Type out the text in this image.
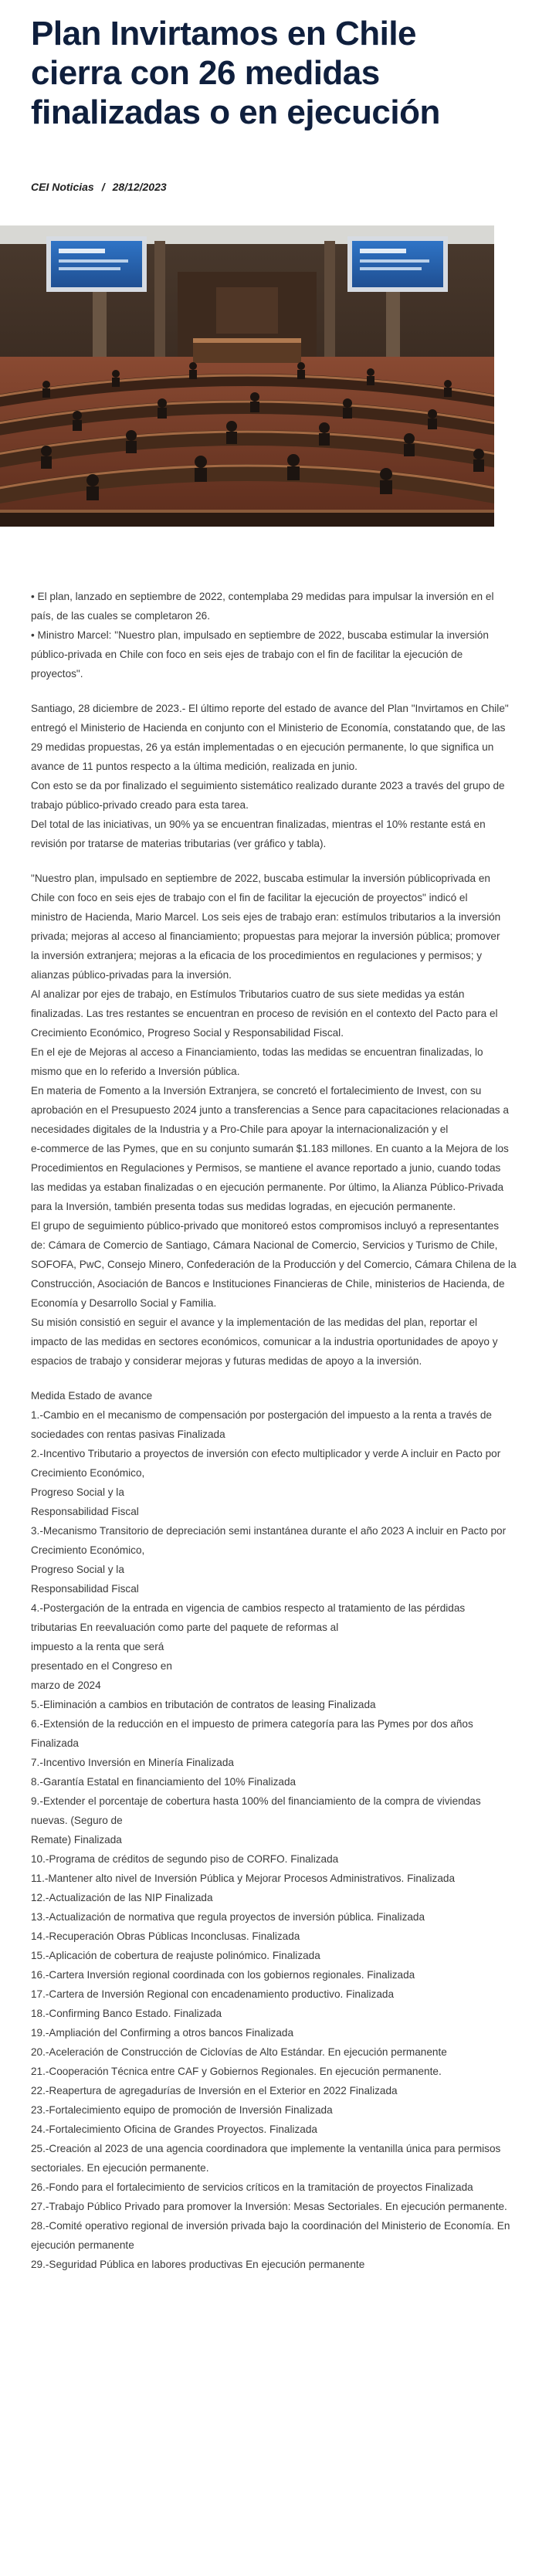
Plan Invirtamos en Chile
cierra con 26 medidas
finalizadas o en ejecución
CEI Noticias / 28/12/2023
• El plan, lanzado en septiembre de 2022, contemplaba 29 medidas para impulsar la inversión en el
país, de las cuales se completaron 26.
• Ministro Marcel: "Nuestro plan, impulsado en septiembre de 2022, buscaba estimular la inversión
público-privada en Chile con foco en seis ejes de trabajo con el fin de facilitar la ejecución de
proyectos".
Santiago, 28 diciembre de 2023.- El último reporte del estado de avance del Plan "Invirtamos en Chile"
entregó el Ministerio de Hacienda en conjunto con el Ministerio de Economía, constatando que, de las
29 medidas propuestas, 26 ya están implementadas o en ejecución permanente, lo que significa un
avance de 11 puntos respecto a la última medición, realizada en junio.
Con esto se da por finalizado el seguimiento sistemático realizado durante 2023 a través del grupo de
trabajo público-privado creado para esta tarea.
Del total de las iniciativas, un 90% ya se encuentran finalizadas, mientras el 10% restante está en
revisión por tratarse de materias tributarias (ver gráfico y tabla).
"Nuestro plan, impulsado en septiembre de 2022, buscaba estimular la inversión públicoprivada en
Chile con foco en seis ejes de trabajo con el fin de facilitar la ejecución de proyectos" indicó el
ministro de Hacienda, Mario Marcel. Los seis ejes de trabajo eran: estímulos tributarios a la inversión
privada; mejoras al acceso al financiamiento; propuestas para mejorar la inversión pública; promover
la inversión extranjera; mejoras a la eficacia de los procedimientos en regulaciones y permisos; y
alianzas público-privadas para la inversión.
Al analizar por ejes de trabajo, en Estímulos Tributarios cuatro de sus siete medidas ya están
finalizadas. Las tres restantes se encuentran en proceso de revisión en el contexto del Pacto para el
Crecimiento Económico, Progreso Social y Responsabilidad Fiscal.
En el eje de Mejoras al acceso a Financiamiento, todas las medidas se encuentran finalizadas, lo
mismo que en lo referido a Inversión pública.
En materia de Fomento a la Inversión Extranjera, se concretó el fortalecimiento de Invest, con su
aprobación en el Presupuesto 2024 junto a transferencias a Sence para capacitaciones relacionadas a
necesidades digitales de la Industria y a Pro-Chile para apoyar la internacionalización y el
e-commerce de las Pymes, que en su conjunto sumarán $1.183 millones. En cuanto a la Mejora de los
Procedimientos en Regulaciones y Permisos, se mantiene el avance reportado a junio, cuando todas
las medidas ya estaban finalizadas o en ejecución permanente. Por último, la Alianza Público-Privada
para la Inversión, también presenta todas sus medidas logradas, en ejecución permanente.
El grupo de seguimiento público-privado que monitoreó estos compromisos incluyó a representantes
de: Cámara de Comercio de Santiago, Cámara Nacional de Comercio, Servicios y Turismo de Chile,
SOFOFA, PwC, Consejo Minero, Confederación de la Producción y del Comercio, Cámara Chilena de la
Construcción, Asociación de Bancos e Instituciones Financieras de Chile, ministerios de Hacienda, de
Economía y Desarrollo Social y Familia.
Su misión consistió en seguir el avance y la implementación de las medidas del plan, reportar el
impacto de las medidas en sectores económicos, comunicar a la industria oportunidades de apoyo y
espacios de trabajo y considerar mejoras y futuras medidas de apoyo a la inversión.
Medida Estado de avance
1.-Cambio en el mecanismo de compensación por postergación del impuesto a la renta a través de
sociedades con rentas pasivas Finalizada
2.-Incentivo Tributario a proyectos de inversión con efecto multiplicador y verde A incluir en Pacto por
Crecimiento Económico,
Progreso Social y la
Responsabilidad Fiscal
3.-Mecanismo Transitorio de depreciación semi instantánea durante el año 2023 A incluir en Pacto por
Crecimiento Económico,
Progreso Social y la
Responsabilidad Fiscal
4.-Postergación de la entrada en vigencia de cambios respecto al tratamiento de las pérdidas
tributarias En reevaluación como parte del paquete de reformas al
impuesto a la renta que será
presentado en el Congreso en
marzo de 2024
5.-Eliminación a cambios en tributación de contratos de leasing Finalizada
6.-Extensión de la reducción en el impuesto de primera categoría para las Pymes por dos años
Finalizada
7.-Incentivo Inversión en Minería Finalizada
8.-Garantía Estatal en financiamiento del 10% Finalizada
9.-Extender el porcentaje de cobertura hasta 100% del financiamiento de la compra de viviendas
nuevas. (Seguro de
Remate) Finalizada
10.-Programa de créditos de segundo piso de CORFO. Finalizada
11.-Mantener alto nivel de Inversión Pública y Mejorar Procesos Administrativos. Finalizada
12.-Actualización de las NIP Finalizada
13.-Actualización de normativa que regula proyectos de inversión pública. Finalizada
14.-Recuperación Obras Públicas Inconclusas. Finalizada
15.-Aplicación de cobertura de reajuste polinómico. Finalizada
16.-Cartera Inversión regional coordinada con los gobiernos regionales. Finalizada
17.-Cartera de Inversión Regional con encadenamiento productivo. Finalizada
18.-Confirming Banco Estado. Finalizada
19.-Ampliación del Confirming a otros bancos Finalizada
20.-Aceleración de Construcción de Ciclovías de Alto Estándar. En ejecución permanente
21.-Cooperación Técnica entre CAF y Gobiernos Regionales. En ejecución permanente.
22.-Reapertura de agregadurías de Inversión en el Exterior en 2022 Finalizada
23.-Fortalecimiento equipo de promoción de Inversión Finalizada
24.-Fortalecimiento Oficina de Grandes Proyectos. Finalizada
25.-Creación al 2023 de una agencia coordinadora que implemente la ventanilla única para permisos
sectoriales. En ejecución permanente.
26.-Fondo para el fortalecimiento de servicios críticos en la tramitación de proyectos Finalizada
27.-Trabajo Público Privado para promover la Inversión: Mesas Sectoriales. En ejecución permanente.
28.-Comité operativo regional de inversión privada bajo la coordinación del Ministerio de Economía. En
ejecución permanente
29.-Seguridad Pública en labores productivas En ejecución permanente
